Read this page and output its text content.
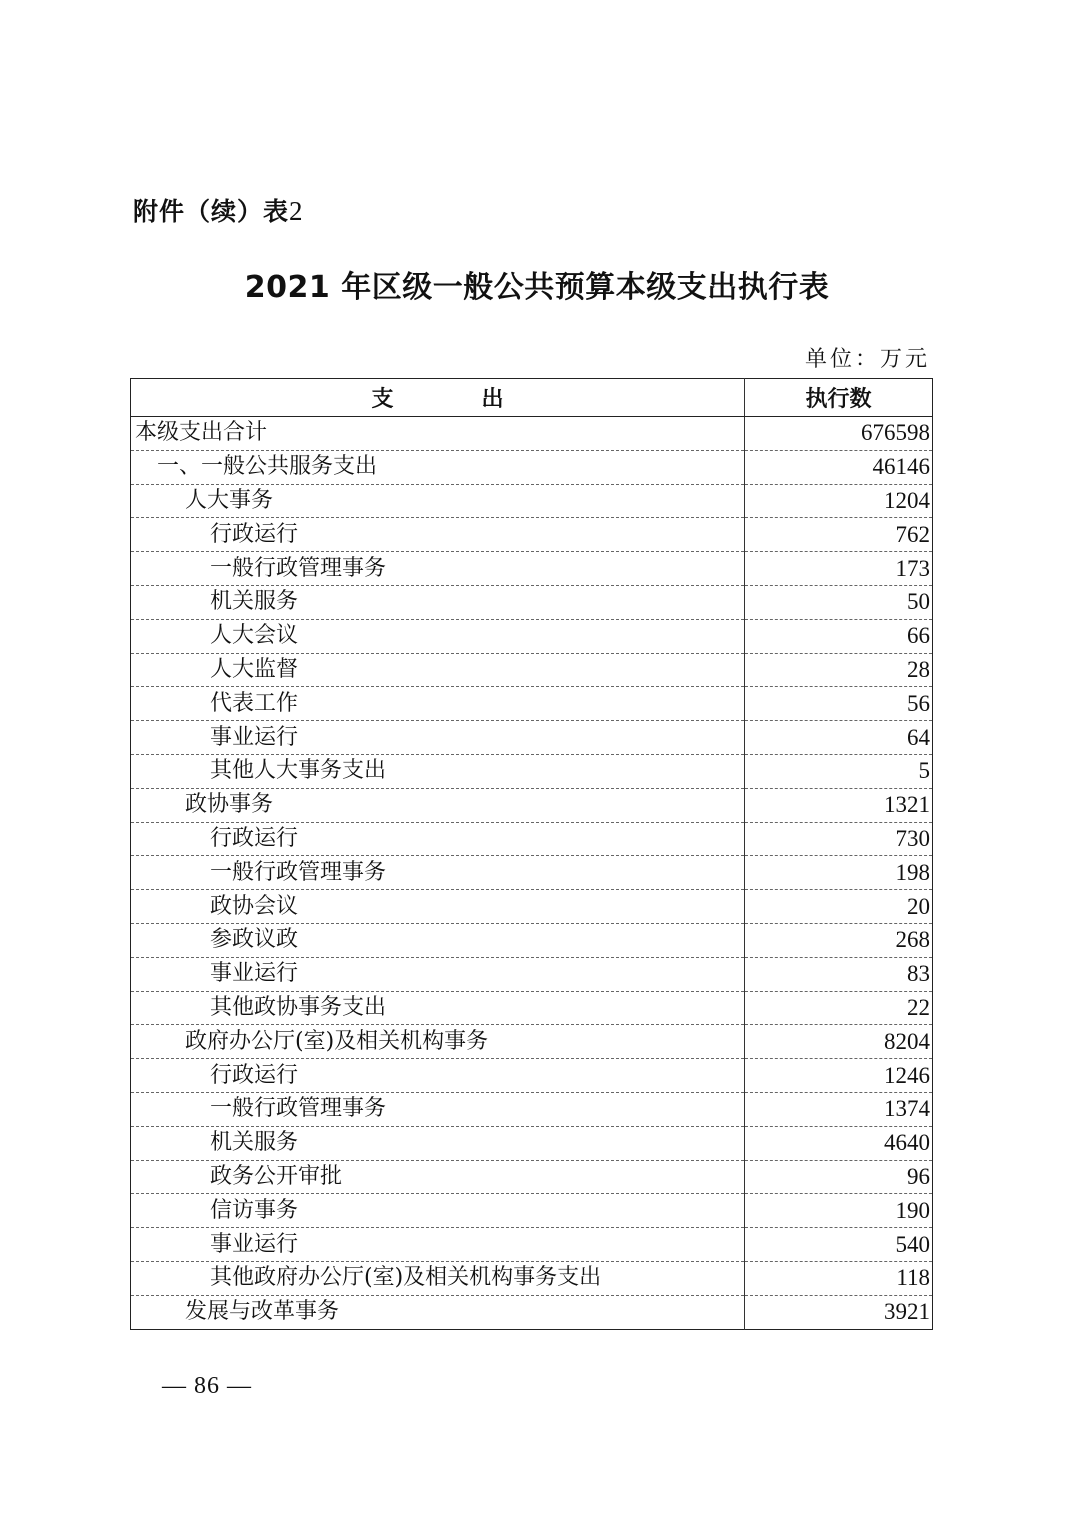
附件（续）表2
2021 年区级一般公共预算本级支出执行表
单位：万元
支　　　　出	执行数
本级支出合计	676598
一、一般公共服务支出	46146
人大事务	1204
行政运行	762
一般行政管理事务	173
机关服务	50
人大会议	66
人大监督	28
代表工作	56
事业运行	64
其他人大事务支出	5
政协事务	1321
行政运行	730
一般行政管理事务	198
政协会议	20
参政议政	268
事业运行	83
其他政协事务支出	22
政府办公厅(室)及相关机构事务	8204
行政运行	1246
一般行政管理事务	1374
机关服务	4640
政务公开审批	96
信访事务	190
事业运行	540
其他政府办公厅(室)及相关机构事务支出	118
发展与改革事务	3921
— 86 —
